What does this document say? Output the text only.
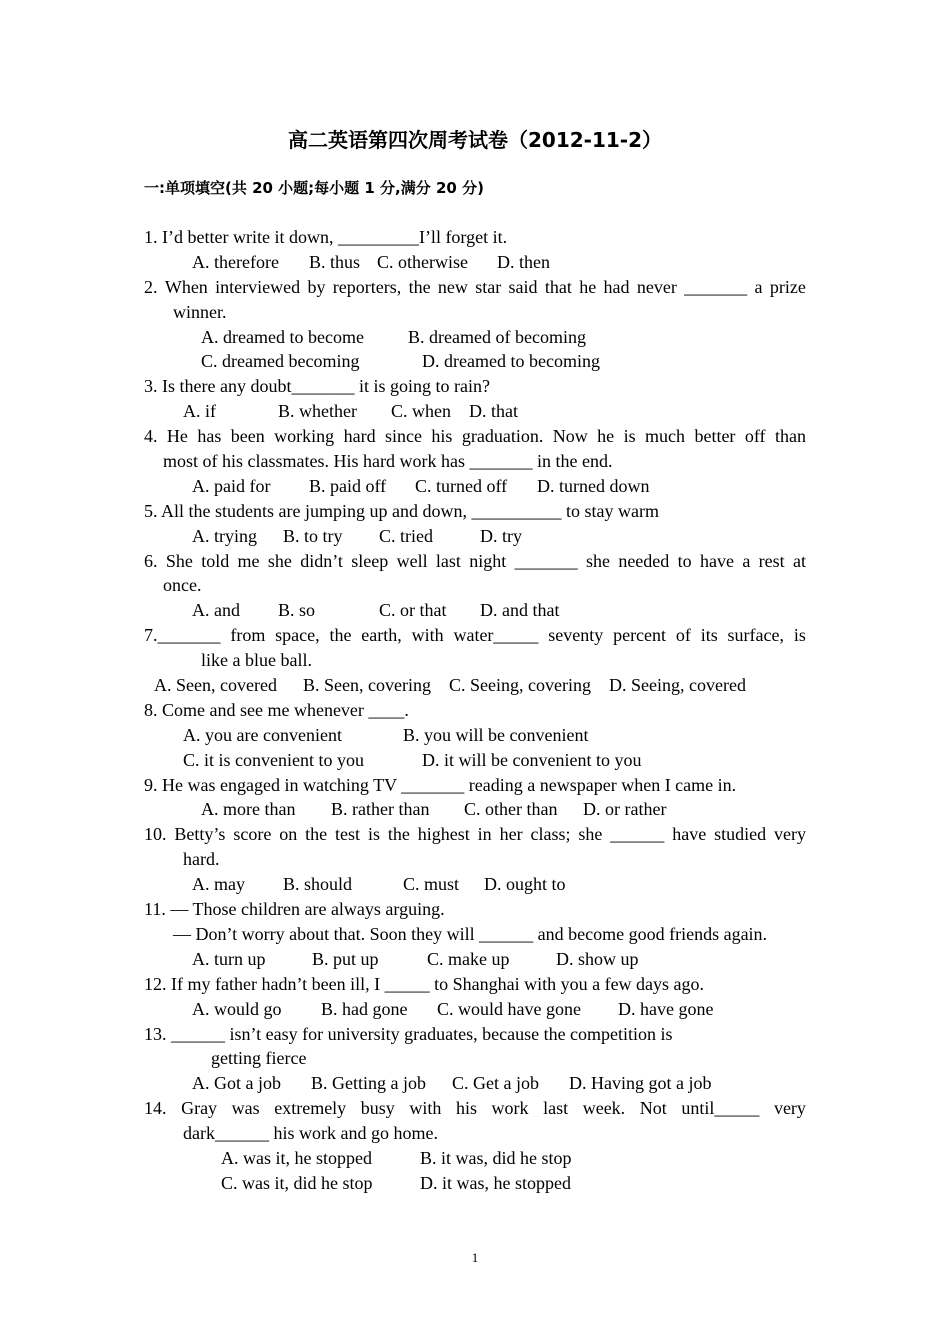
高二英语第四次周考试卷（2012-11-2）
一:单项填空(共 20 小题;每小题 1 分,满分 20 分)
1. I’d better write it down, _________I’ll forget it.
A. therefore B. thus C. otherwise D. then
2. When interviewed by reporters, the new star said that he had never _______ a prize
winner.
A. dreamed to become B. dreamed of becoming
C. dreamed becoming	D. dreamed to becoming
3. Is there any doubt_______ it is going to rain?
A. if	B. whether C. when D. that
4. He has been working hard since his graduation. Now he is much better off than
most of his classmates. His hard work has _______ in the end.
A. paid for B. paid off C. turned off D. turned down
5. All the students are jumping up and down, __________ to stay warm
A. trying B. to try C. tried	D. try
6. She told me she didn’t sleep well last night _______ she needed to have a rest at
once.
A. and B. so	C. or that D. and that
7._______ from space, the earth, with water_____ seventy percent of its surface, is
like a blue ball.
A. Seen, covered B. Seen, covering C. Seeing, covering D. Seeing, covered
8. Come and see me whenever ____.
A. you are convenient	B. you will be convenient
C. it is convenient to you	D. it will be convenient to you
9. He was engaged in watching TV _______ reading a newspaper when I came in.
A. more than B. rather than C. other than D. or rather
10. Betty’s score on the test is the highest in her class; she ______ have studied very
hard.
A. may B. should	C. must D. ought to
11. — Those children are always arguing.
— Don’t worry about that. Soon they will ______ and become good friends again.
A. turn up	B. put up	C. make up	D. show up
12. If my father hadn’t been ill, I _____ to Shanghai with you a few days ago.
A. would go B. had gone C. would have gone D. have gone
13. ______ isn’t easy for university graduates, because the competition is
getting fierce
A. Got a job B. Getting a job C. Get a job D. Having got a job
14. Gray was extremely busy with his work last week. Not until_____ very
dark______ his work and go home.
A. was it, he stopped	B. it was, did he stop
C. was it, did he stop	D. it was, he stopped
1
